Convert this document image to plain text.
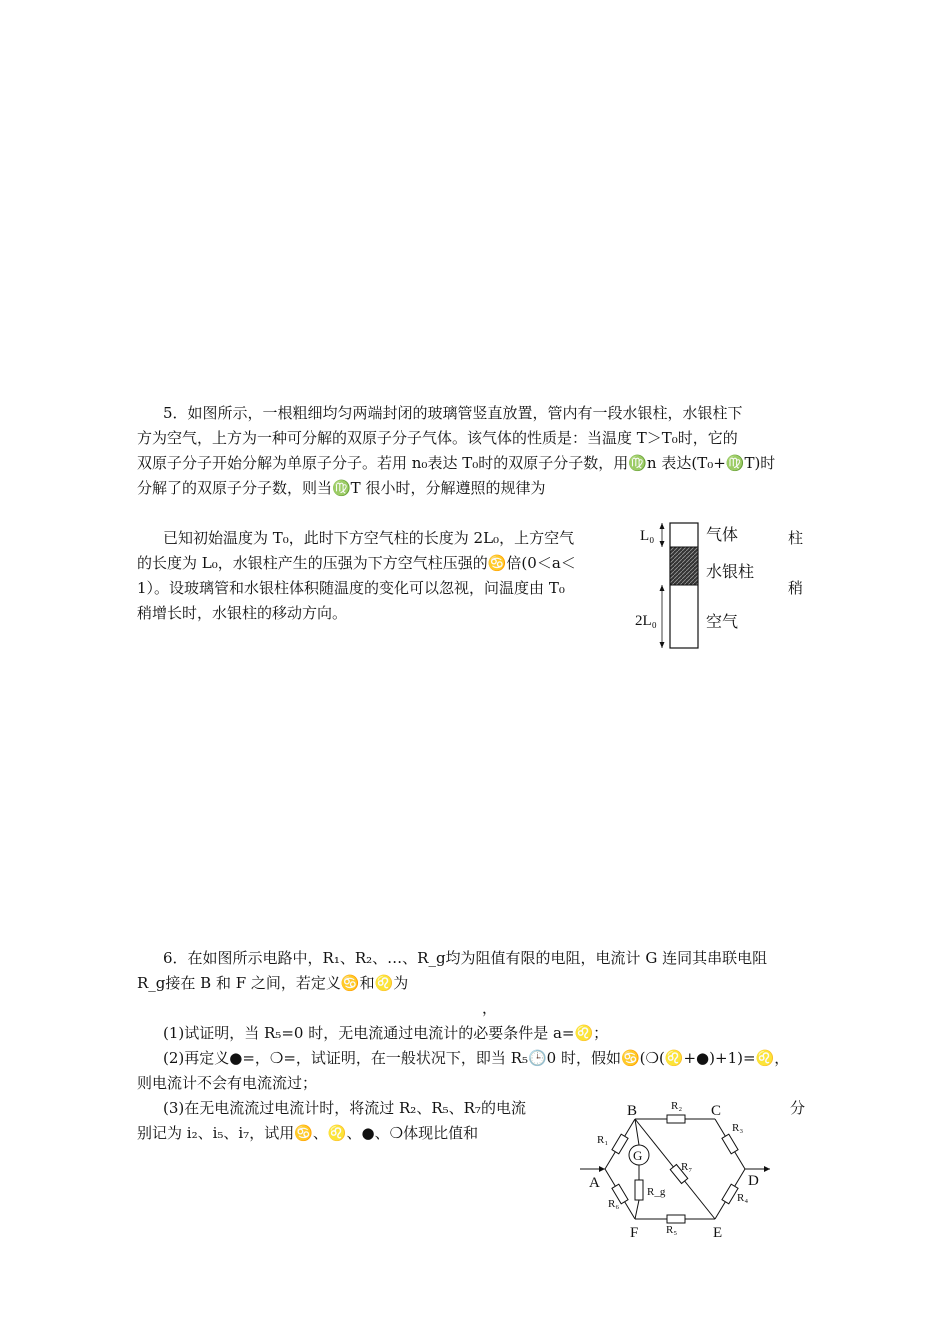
5．如图所示，一根粗细均匀两端封闭的玻璃管竖直放置，管内有一段水银柱，水银柱下
方为空气，上方为一种可分解的双原子分子气体。该气体的性质是：当温度 T＞T₀时，它的
双原子分子开始分解为单原子分子。若用 n₀表达 T₀时的双原子分子数，用♍n 表达(T₀+♍T)时
分解了的双原子分子数，则当♍T 很小时，分解遵照的规律为
已知初始温度为 T₀，此时下方空气柱的长度为 2L₀，上方空气
的长度为 L₀，水银柱产生的压强为下方空气柱压强的♋倍(0＜a＜
1）。设玻璃管和水银柱体积随温度的变化可以忽视，问温度由 T₀
稍增长时，水银柱的移动方向。
柱
稍
L₀
2L₀
气体
水银柱
空气
6．在如图所示电路中，R₁、R₂、…、R_g均为阻值有限的电阻，电流计 G 连同其串联电阻
R_g接在 B 和 F 之间，若定义♋和♌为
，
(1)试证明，当 R₅=0 时，无电流通过电流计的必要条件是 a=♌；
(2)再定义●=，❍=，试证明，在一般状况下，即当 R₅🕒0 时，假如♋(❍(♌+●)+1)=♌，
则电流计不会有电流流过；
(3)在无电流流过电流计时，将流过 R₂、R₅、R₇的电流
别记为 i₂、i₅、i₇，试用♋、♌、●、❍体现比值和
分
A
B	C
D
E
F
G
R₁
R₂
R₃
R₄
R₅
R₆
R₇
R_g
